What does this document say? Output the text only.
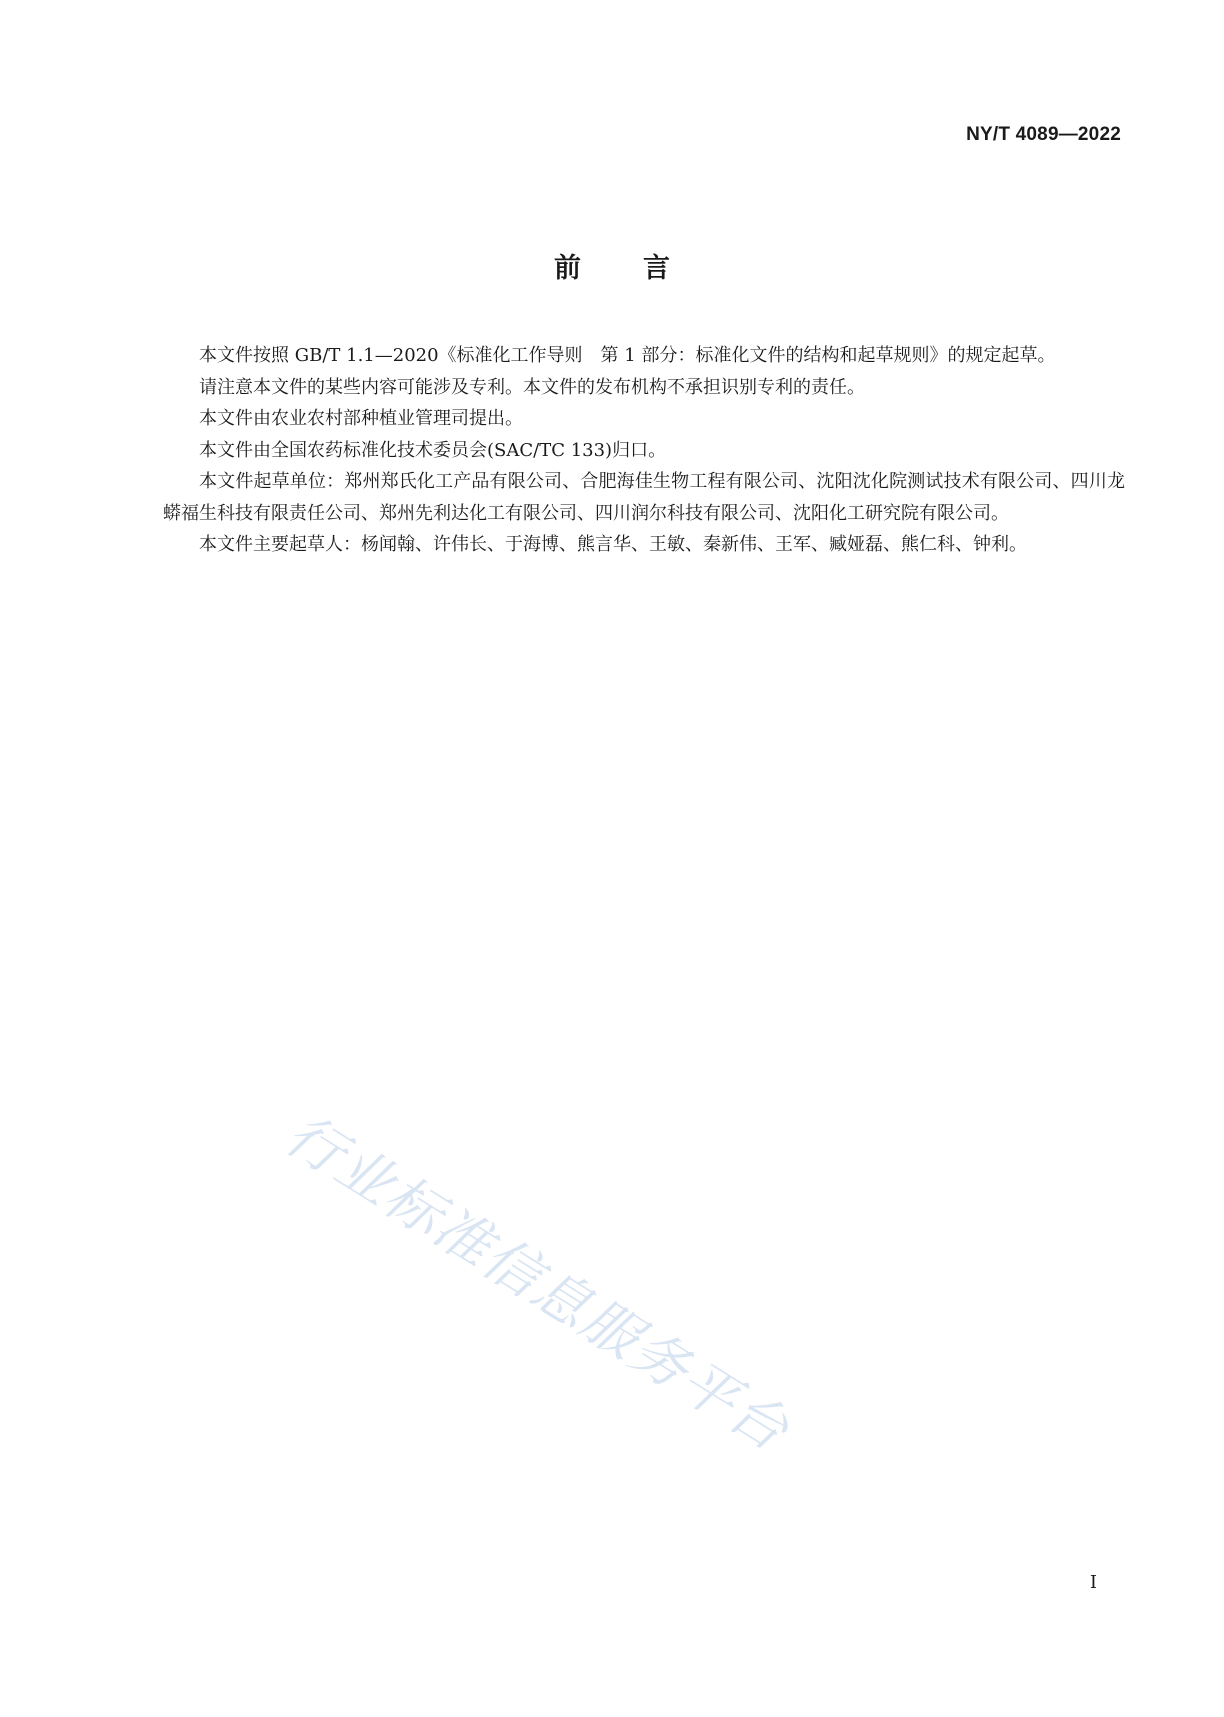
NY/T 4089—2022
前言

本文件按照 GB/T 1.1—2020《标准化工作导则　第 1 部分：标准化文件的结构和起草规则》的规定起草。

请注意本文件的某些内容可能涉及专利。本文件的发布机构不承担识别专利的责任。

本文件由农业农村部种植业管理司提出。

本文件由全国农药标准化技术委员会(SAC/TC 133)归口。

本文件起草单位：郑州郑氏化工产品有限公司、合肥海佳生物工程有限公司、沈阳沈化院测试技术有限公司、四川龙蟒福生科技有限责任公司、郑州先利达化工有限公司、四川润尔科技有限公司、沈阳化工研究院有限公司。

本文件主要起草人：杨闻翰、许伟长、于海博、熊言华、王敏、秦新伟、王军、臧娅磊、熊仁科、钟利。

行业标准信息服务平台
I
